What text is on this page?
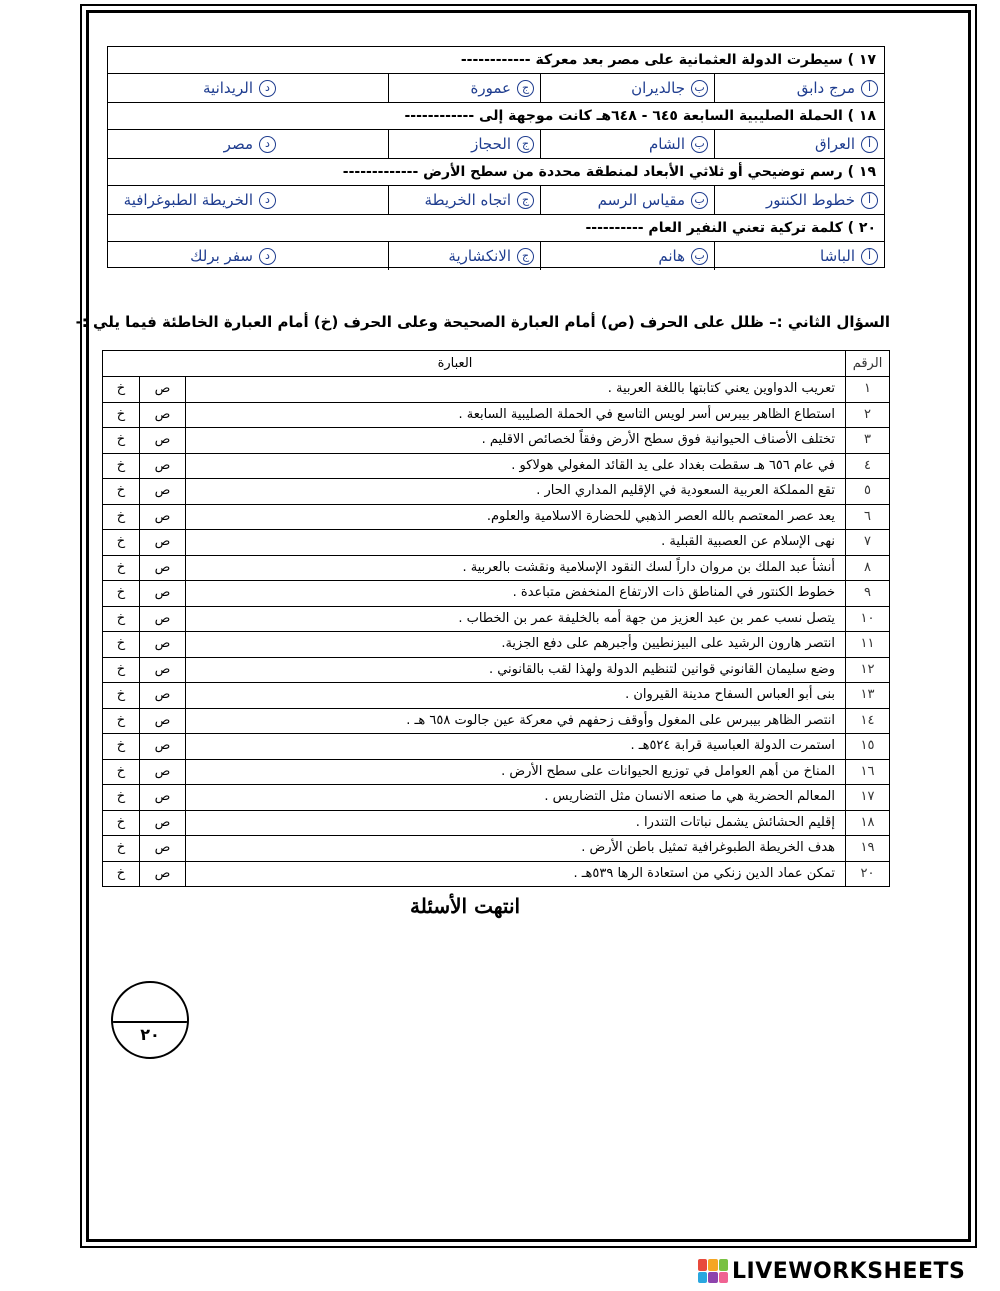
١٧ ) سيطرت الدولة العثمانية على مصر بعد معركة ------------
أمرج دابق
بجالديران
جعمورة
دالريدانية
١٨ ) الحملة الصليبية السابعة ٦٤٥ - ٦٤٨هـ كانت موجهة إلى ------------
أالعراق
بالشام
جالحجاز
دمصر
١٩ ) رسم توضيحي أو ثلاثي الأبعاد لمنطقة محددة من سطح الأرض -------------
أخطوط الكنتور
بمقياس الرسم
جاتجاه الخريطة
دالخريطة الطبوغرافية
٢٠ ) كلمة تركية تعني النفير العام ----------
أالباشا
بهانم
جالانكشارية
دسفر برلك
السؤال الثاني :– ظلل على الحرف (ص) أمام العبارة الصحيحة وعلى الحرف (خ) أمام العبارة الخاطئة فيما يلي :-
الرقم
العبارة
١
تعريب الدواوين يعني كتابتها باللغة العربية .
ص
خ
٢
استطاع الظاهر بيبرس أسر لويس التاسع في الحملة الصليبية السابعة .
ص
خ
٣
تختلف الأصناف الحيوانية فوق سطح الأرض وفقاً لخصائص الاقليم .
ص
خ
٤
في عام ٦٥٦ هـ سقطت بغداد على يد القائد المغولي هولاكو .
ص
خ
٥
تقع المملكة العربية السعودية في الإقليم المداري الحار .
ص
خ
٦
يعد عصر المعتصم بالله العصر الذهبي للحضارة الاسلامية والعلوم.
ص
خ
٧
نهى الإسلام عن العصبية القبلية .
ص
خ
٨
أنشأ عبد الملك بن مروان داراً لسك النقود الإسلامية ونقشت بالعربية .
ص
خ
٩
خطوط الكنتور في المناطق ذات الارتفاع المنخفض متباعدة .
ص
خ
١٠
يتصل نسب عمر بن عبد العزيز من جهة أمه بالخليفة عمر بن الخطاب .
ص
خ
١١
انتصر هارون الرشيد على البيزنطيين وأجبرهم على دفع الجزية.
ص
خ
١٢
وضع سليمان القانوني قوانين لتنظيم الدولة ولهذا لقب بالقانوني .
ص
خ
١٣
بنى أبو العباس السفاح مدينة القيروان .
ص
خ
١٤
انتصر الظاهر بيبرس على المغول وأوقف زحفهم في معركة عين جالوت ٦٥٨ هـ .
ص
خ
١٥
استمرت الدولة العباسية قرابة ٥٢٤هـ .
ص
خ
١٦
المناخ من أهم العوامل في توزيع الحيوانات على سطح الأرض .
ص
خ
١٧
المعالم الحضرية هي ما صنعه الانسان مثل التضاريس .
ص
خ
١٨
إقليم الحشائش يشمل نباتات التندرا .
ص
خ
١٩
هدف الخريطة الطبوغرافية تمثيل باطن الأرض .
ص
خ
٢٠
تمكن عماد الدين زنكي من استعادة الرها ٥٣٩هـ .
ص
خ
انتهت الأسئلة
٢٠
LIVEWORKSHEETS
